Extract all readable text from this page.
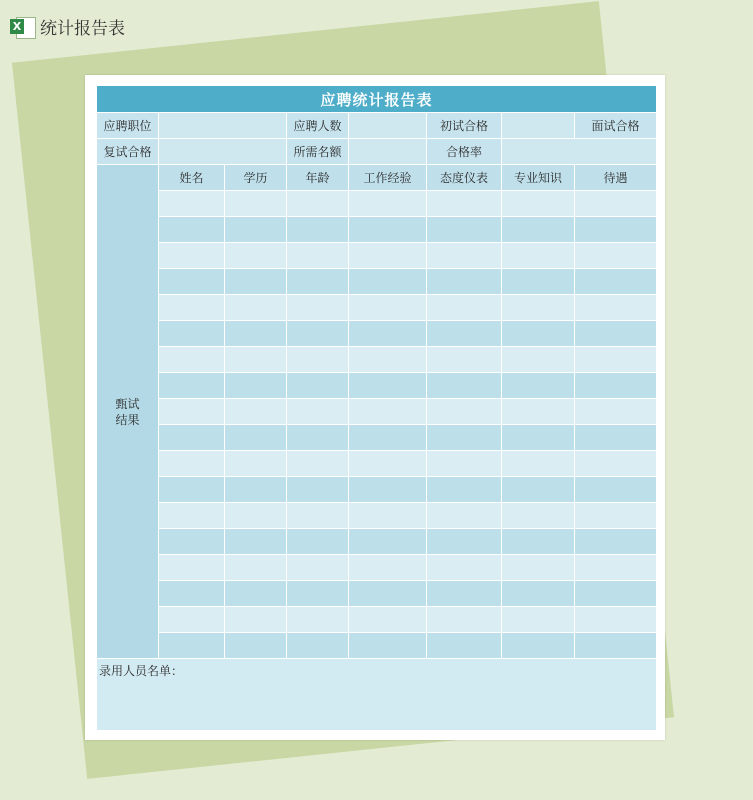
X 统计报告表
应聘统计报告表							
应聘职位			应聘人数		初试合格		面试合格
复试合格			所需名额		合格率		

甄试
结果	姓名	学历	年龄	工作经验	态度仪表	专业知识	待遇

录用人员名单：							
